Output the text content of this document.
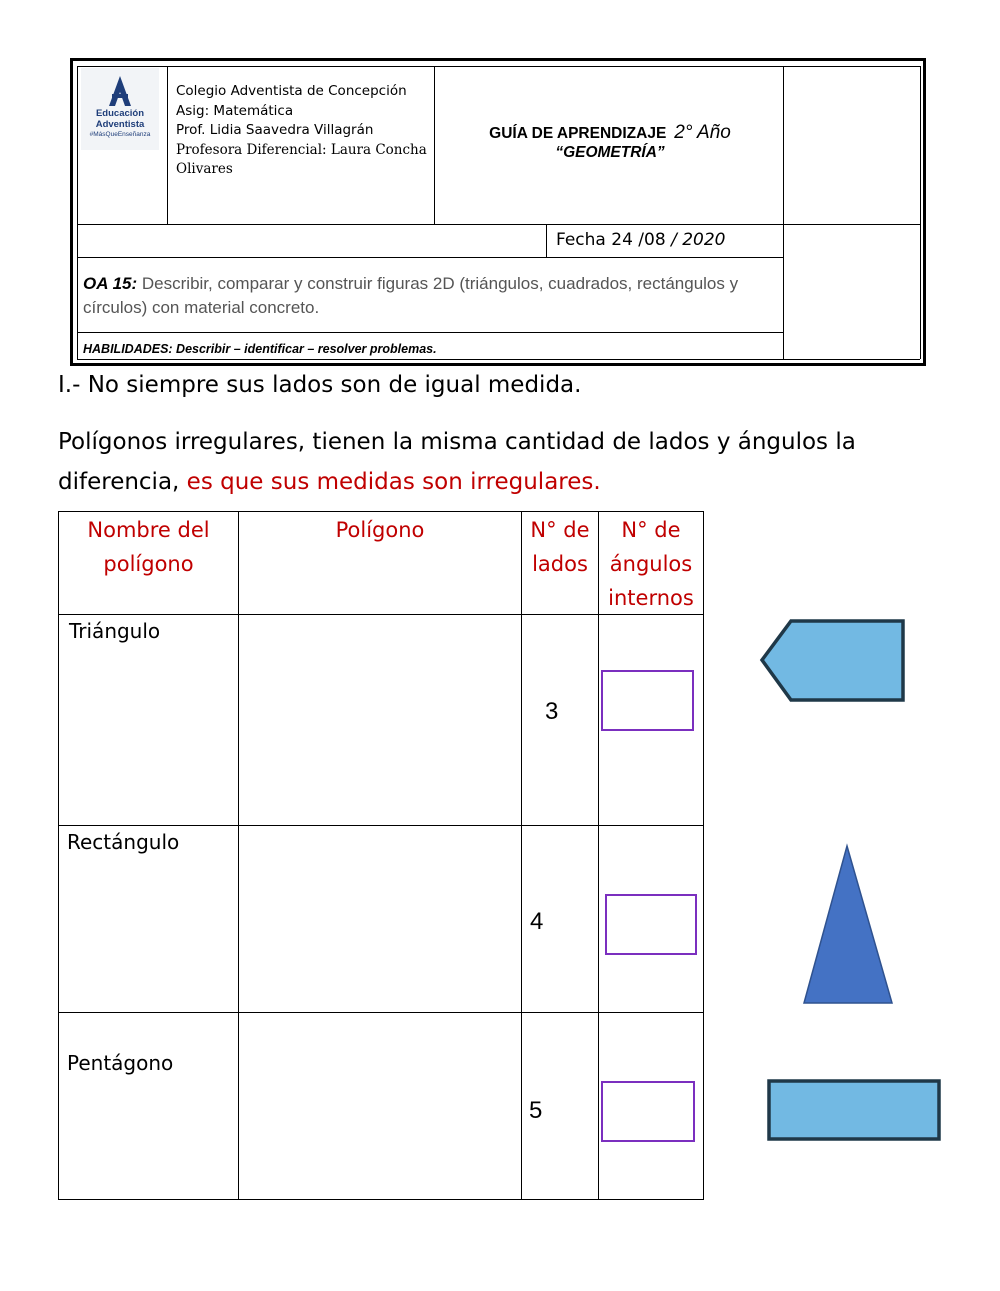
Educación
Adventista
#MásQueEnseñanza
Colegio Adventista de Concepción
Asig: Matemática
Prof. Lidia Saavedra Villagrán
Profesora Diferencial: Laura Concha
Olivares
GUÍA DE APRENDIZAJE 2° Año
“GEOMETRÍA”
Fecha 24 /08 / 2020
OA 15: Describir, comparar y construir figuras 2D (triángulos, cuadrados, rectángulos y círculos) con material concreto.
HABILIDADES: Describir – identificar – resolver problemas.
I.- No siempre sus lados son de igual medida.
Polígonos irregulares, tienen la misma cantidad de lados y ángulos la diferencia, es que sus medidas son irregulares.
Nombre del
polígono
Polígono	N° de
lados
N° de
ángulos
internos
Triángulo
3
Rectángulo
4
Pentágono
5
